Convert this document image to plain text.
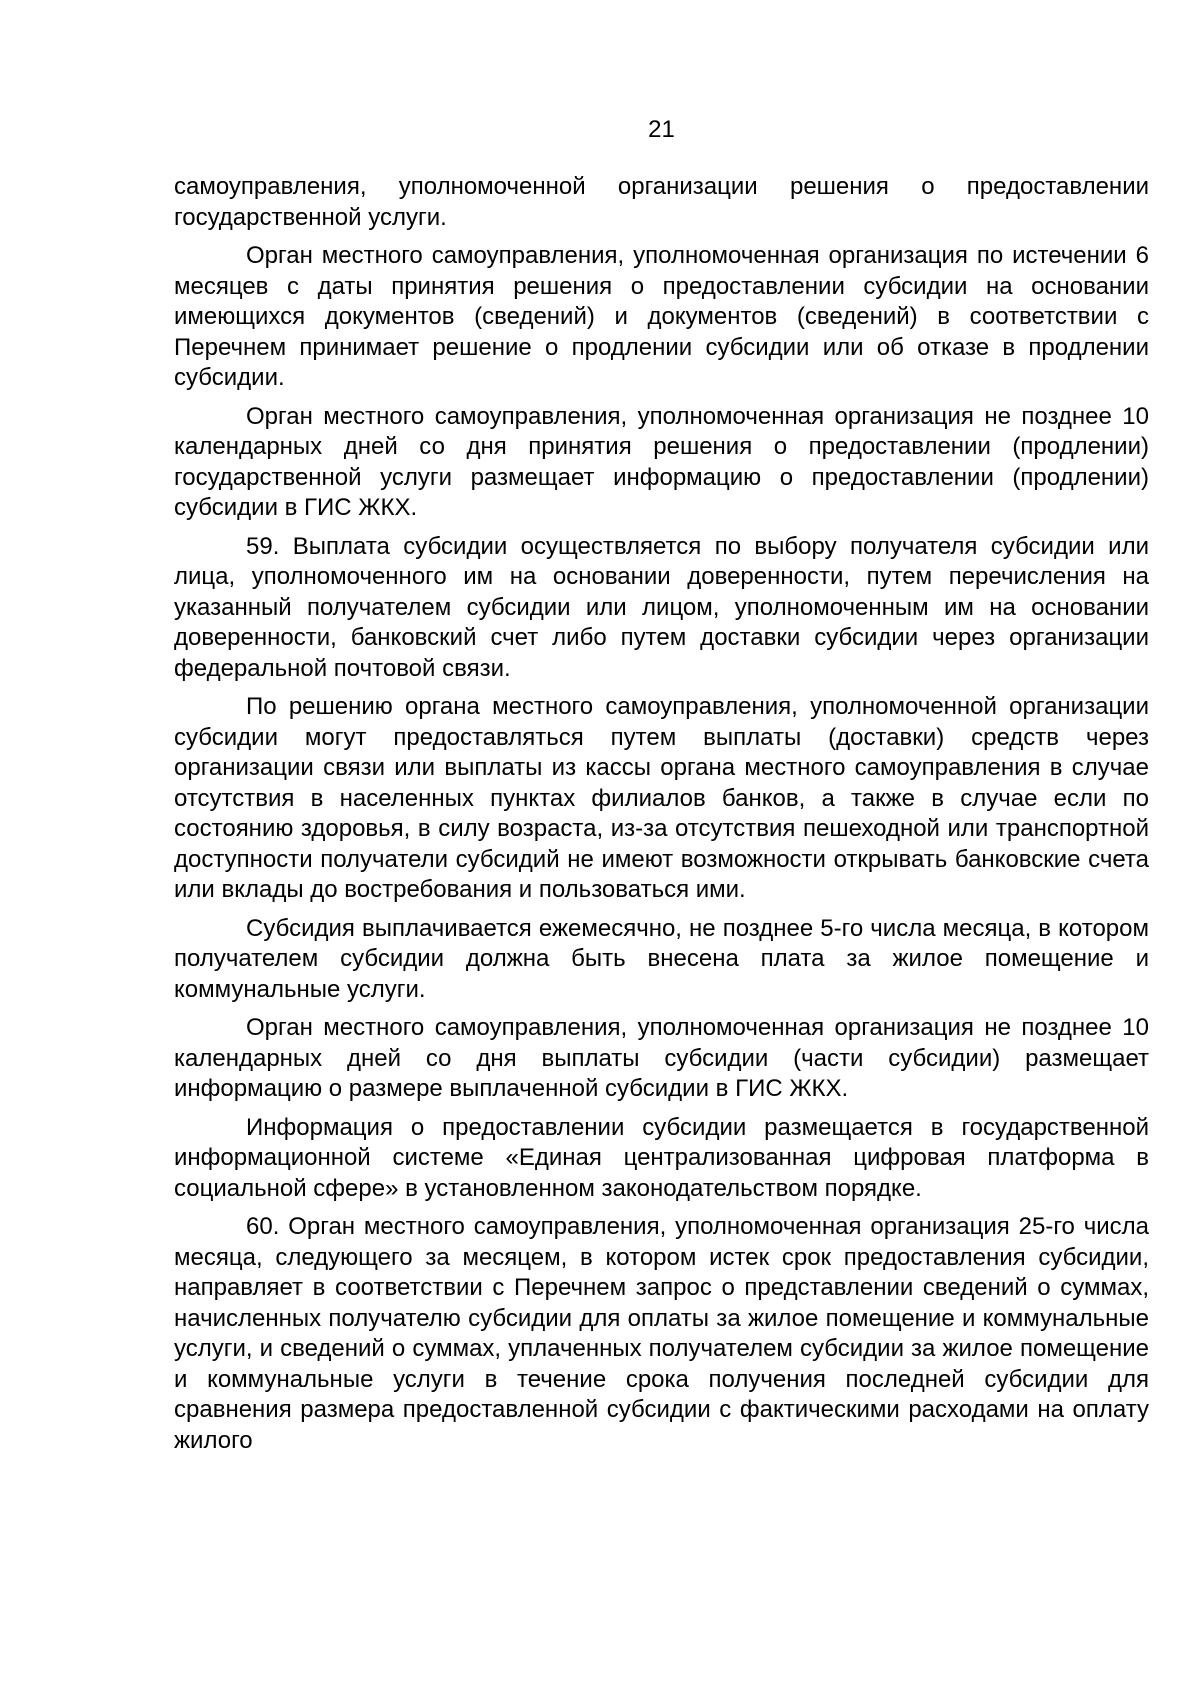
21

самоуправления, уполномоченной организации решения о предоставлении государственной услуги.

Орган местного самоуправления, уполномоченная организация по истечении 6 месяцев с даты принятия решения о предоставлении субсидии на основании имеющихся документов (сведений) и документов (сведений) в соответствии с Перечнем принимает решение о продлении субсидии или об отказе в продлении субсидии.

Орган местного самоуправления, уполномоченная организация не позднее 10 календарных дней со дня принятия решения о предоставлении (продлении) государственной услуги размещает информацию о предоставлении (продлении) субсидии в ГИС ЖКХ.

59. Выплата субсидии осуществляется по выбору получателя субсидии или лица, уполномоченного им на основании доверенности, путем перечисления на указанный получателем субсидии или лицом, уполномоченным им на основании доверенности, банковский счет либо путем доставки субсидии через организации федеральной почтовой связи.

По решению органа местного самоуправления, уполномоченной организации субсидии могут предоставляться путем выплаты (доставки) средств через организации связи или выплаты из кассы органа местного самоуправления в случае отсутствия в населенных пунктах филиалов банков, а также в случае если по состоянию здоровья, в силу возраста, из-за отсутствия пешеходной или транспортной доступности получатели субсидий не имеют возможности открывать банковские счета или вклады до востребования и пользоваться ими.

Субсидия выплачивается ежемесячно, не позднее 5-го числа месяца, в котором получателем субсидии должна быть внесена плата за жилое помещение и коммунальные услуги.

Орган местного самоуправления, уполномоченная организация не позднее 10 календарных дней со дня выплаты субсидии (части субсидии) размещает информацию о размере выплаченной субсидии в ГИС ЖКХ.

Информация о предоставлении субсидии размещается в государственной информационной системе «Единая централизованная цифровая платформа в социальной сфере» в установленном законодательством порядке.

60. Орган местного самоуправления, уполномоченная организация 25-го числа месяца, следующего за месяцем, в котором истек срок предоставления субсидии, направляет в соответствии с Перечнем запрос о представлении сведений о суммах, начисленных получателю субсидии для оплаты за жилое помещение и коммунальные услуги, и сведений о суммах, уплаченных получателем субсидии за жилое помещение и коммунальные услуги в течение срока получения последней субсидии для сравнения размера предоставленной субсидии с фактическими расходами на оплату жилого
